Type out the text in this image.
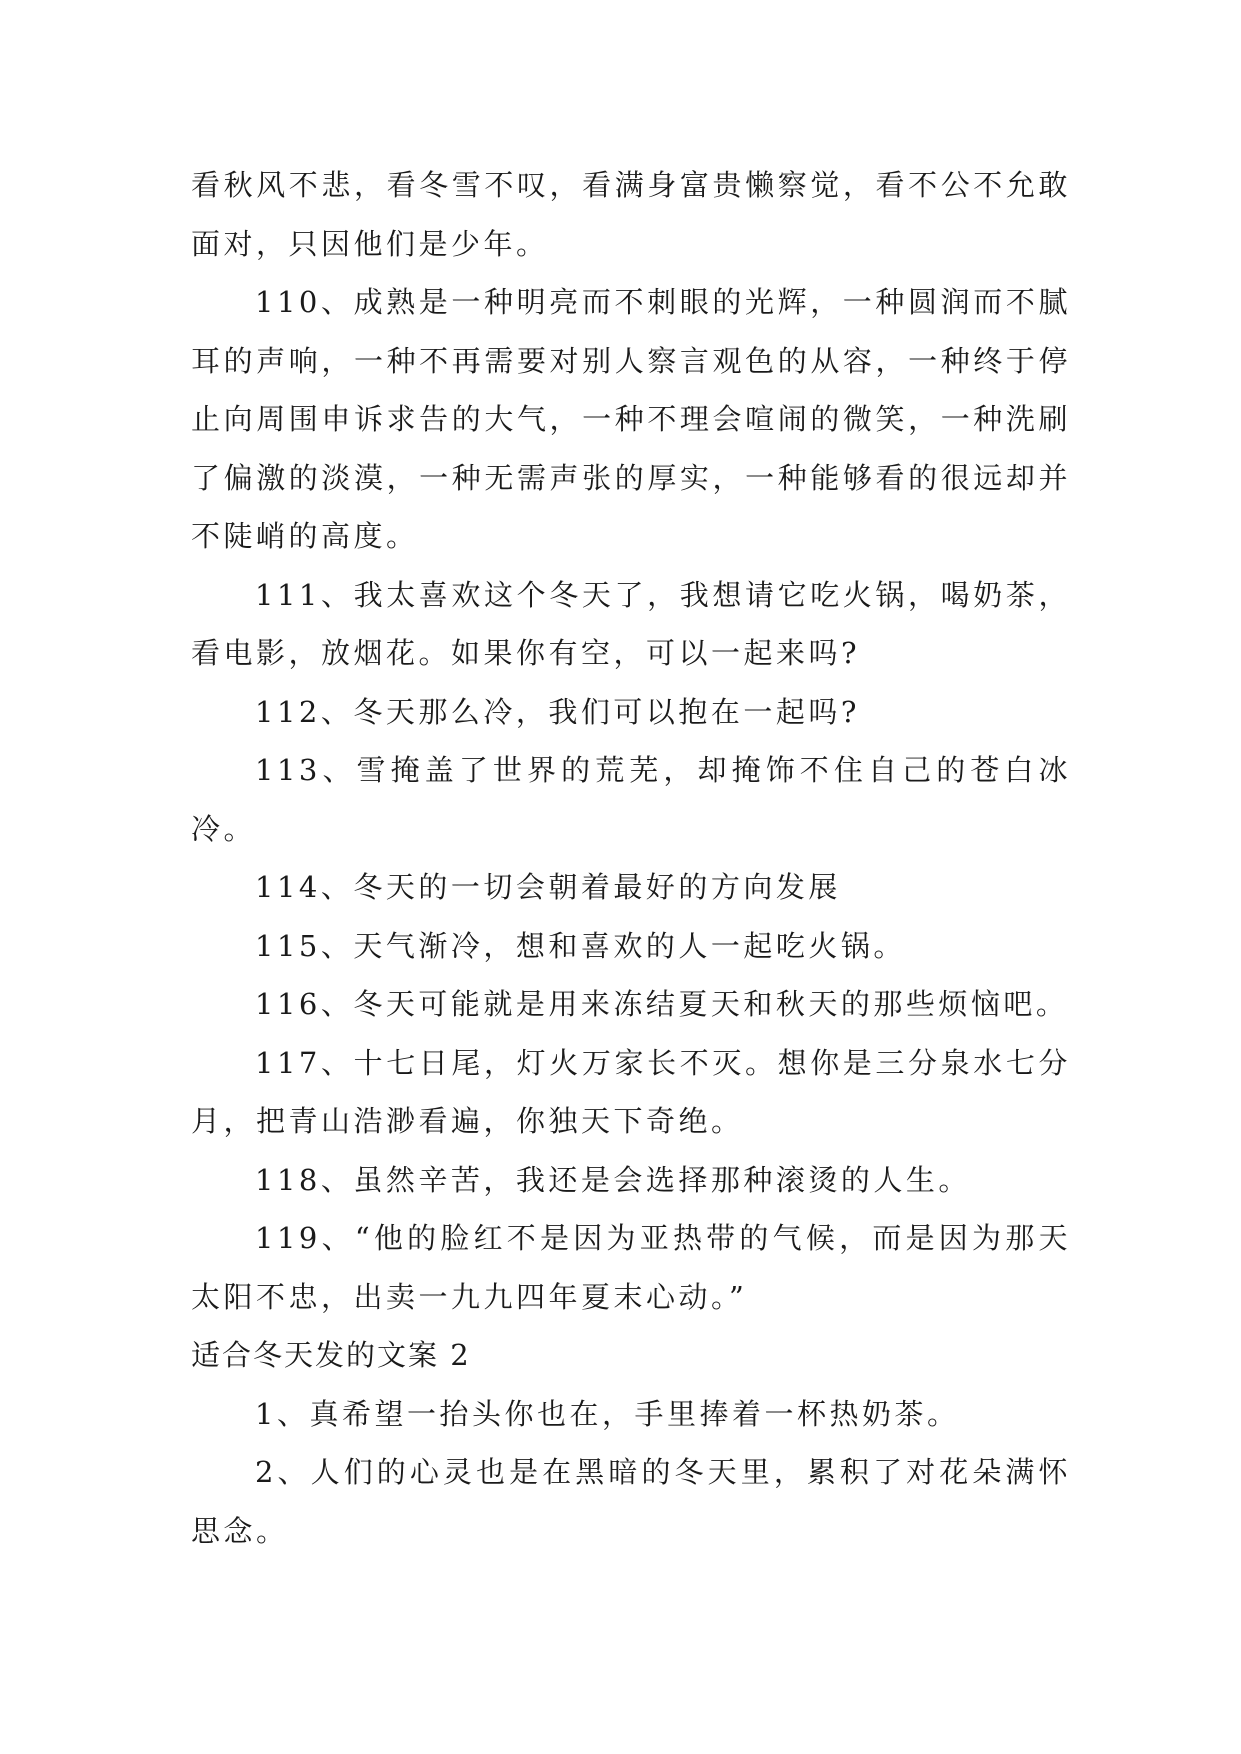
看秋风不悲，看冬雪不叹，看满身富贵懒察觉，看不公不允敢面对，只因他们是少年。

110、成熟是一种明亮而不刺眼的光辉，一种圆润而不腻耳的声响，一种不再需要对别人察言观色的从容，一种终于停止向周围申诉求告的大气，一种不理会喧闹的微笑，一种洗刷了偏激的淡漠，一种无需声张的厚实，一种能够看的很远却并不陡峭的高度。

111、我太喜欢这个冬天了，我想请它吃火锅，喝奶茶，看电影，放烟花。如果你有空，可以一起来吗?

112、冬天那么冷，我们可以抱在一起吗?

113、雪掩盖了世界的荒芜，却掩饰不住自己的苍白冰冷。

114、冬天的一切会朝着最好的方向发展

115、天气渐冷，想和喜欢的人一起吃火锅。

116、冬天可能就是用来冻结夏天和秋天的那些烦恼吧。

117、十七日尾，灯火万家长不灭。想你是三分泉水七分月，把青山浩渺看遍，你独天下奇绝。

118、虽然辛苦，我还是会选择那种滚烫的人生。

119、“他的脸红不是因为亚热带的气候，而是因为那天太阳不忠，出卖一九九四年夏末心动。”

适合冬天发的文案 2

1、真希望一抬头你也在，手里捧着一杯热奶茶。

2、人们的心灵也是在黑暗的冬天里，累积了对花朵满怀思念。
